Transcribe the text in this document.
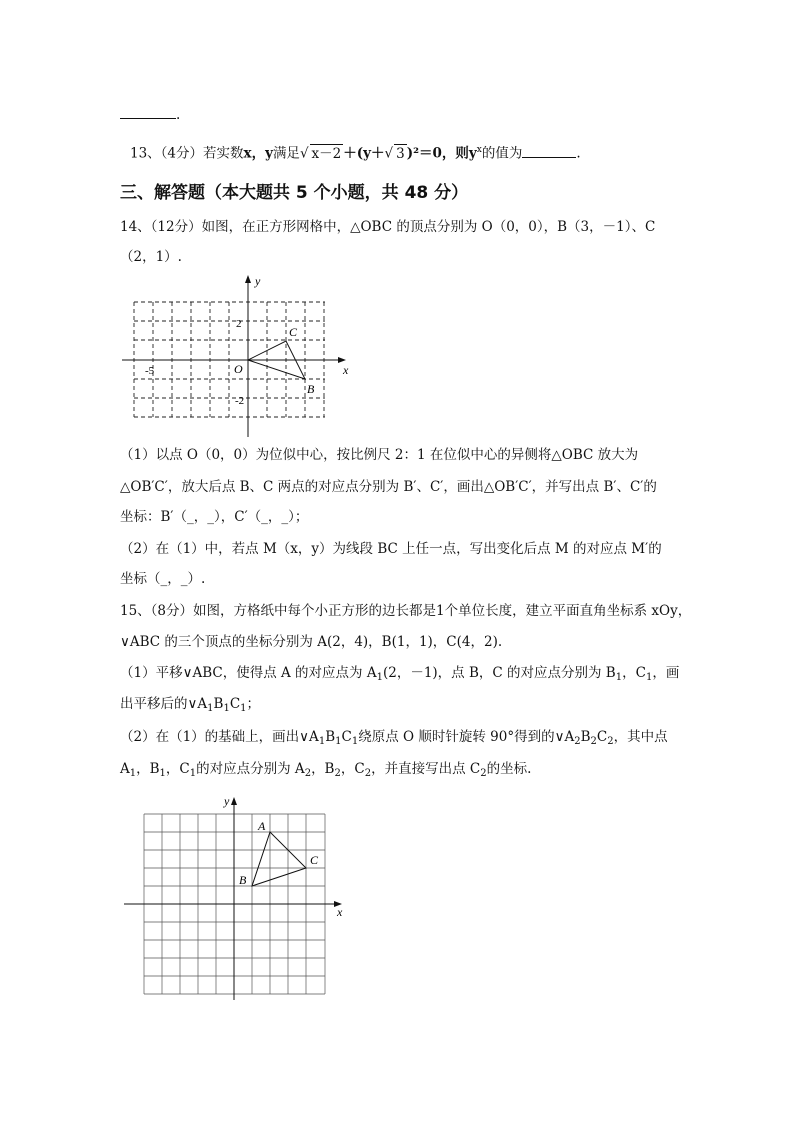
.
13、（4分）若实数x，y满足√ x－2 ＋(y＋√ 3 )²＝0，则$y^x$的值为	.
三、解答题（本大题共 5 个小题，共 48 分）
14、（12分）如图，在正方形网格中，△OBC 的顶点分别为 O（0，0），B（3，－1）、C
（2，1）.
y
x
O
C
B
2
-2
-5
（1）以点 O（0，0）为位似中心，按比例尺 2：1 在位似中心的异侧将△OBC 放大为
△OB′C′，放大后点 B、C 两点的对应点分别为 B′、C′，画出△OB′C′，并写出点 B′、C′的
坐标：B′（_，_），C′（_，_）；
（2）在（1）中，若点 M（x，y）为线段 BC 上任一点，写出变化后点 M 的对应点 M′的
坐标（_，_）.
15、（8分）如图，方格纸中每个小正方形的边长都是1个单位长度，建立平面直角坐标系 xOy，
∨ABC 的三个顶点的坐标分别为 A(2，4)，B(1，1)，C(4，2).
（1）平移∨ABC，使得点 A 的对应点为 $A_1(2$，－1)，点 B，C 的对应点分别为 $B_1$，$C_1$，画
出平移后的$\vee A_1B_1C_1$；
（2）在（1）的基础上，画出$\vee A_1B_1C_1$绕原点 O 顺时针旋转 90°得到的$\vee A_2B_2C_2$，其中点
$A_1$，$B_1$，$C_1$的对应点分别为 $A_2$，$B_2$，$C_2$，并直接写出点 $C_2$的坐标.
y
x
A
B
C
